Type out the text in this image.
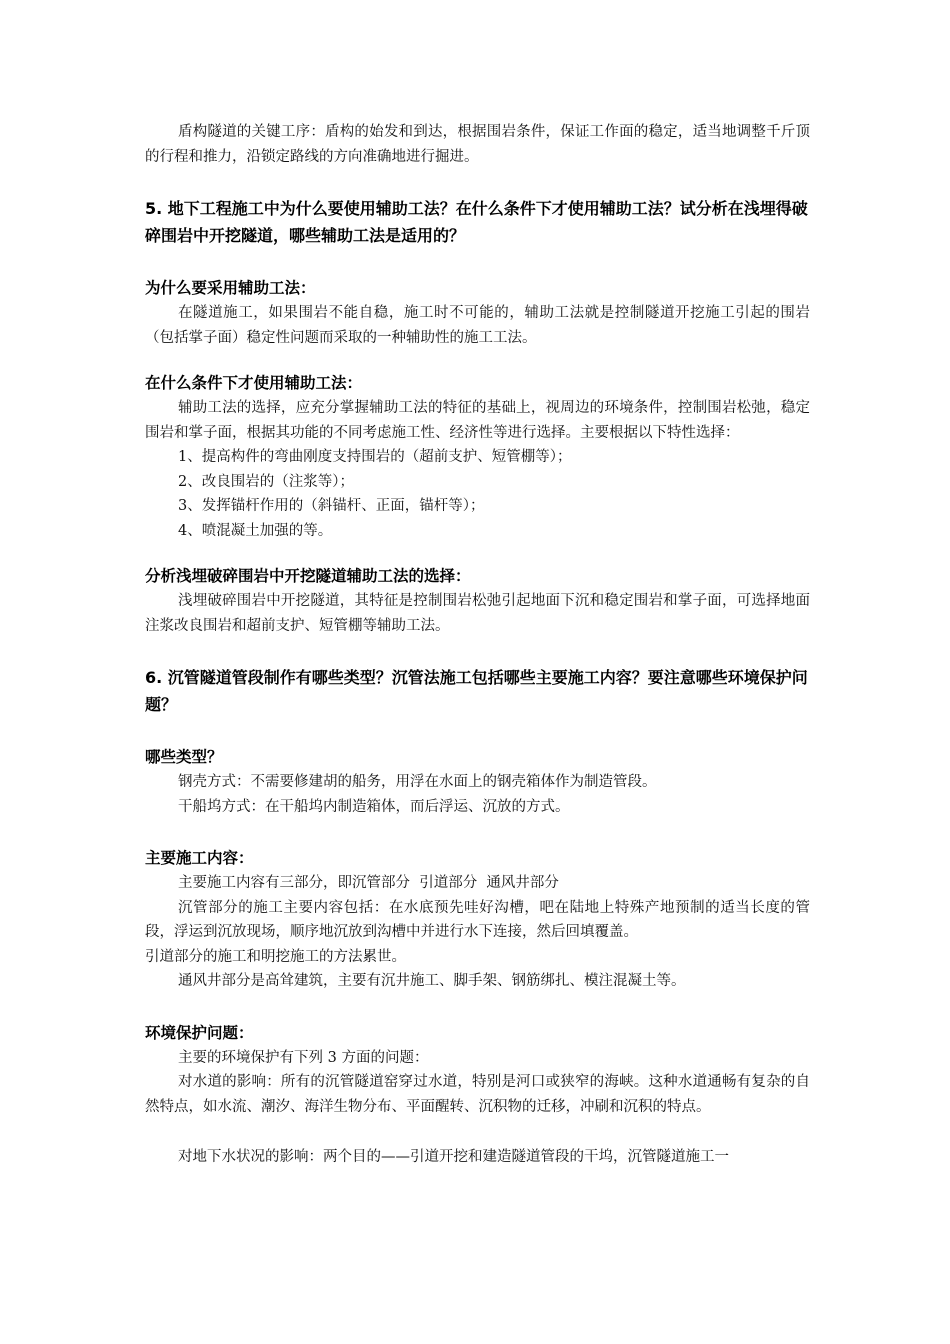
盾构隧道的关键工序：盾构的始发和到达，根据围岩条件，保证工作面的稳定，适当地调整千斤顶的行程和推力，沿锁定路线的方向准确地进行掘进。

5. 地下工程施工中为什么要使用辅助工法？在什么条件下才使用辅助工法？试分析在浅埋得破碎围岩中开挖隧道，哪些辅助工法是适用的？
为什么要采用辅助工法：

在隧道施工，如果围岩不能自稳，施工时不可能的，辅助工法就是控制隧道开挖施工引起的围岩（包括掌子面）稳定性问题而采取的一种辅助性的施工工法。

在什么条件下才使用辅助工法：

辅助工法的选择，应充分掌握辅助工法的特征的基础上，视周边的环境条件，控制围岩松弛，稳定围岩和掌子面，根据其功能的不同考虑施工性、经济性等进行选择。主要根据以下特性选择：

1、提高构件的弯曲刚度支持围岩的（超前支护、短管棚等）；

2、改良围岩的（注浆等）；

3、发挥锚杆作用的（斜锚杆、正面，锚杆等）；

4、喷混凝土加强的等。

分析浅埋破碎围岩中开挖隧道辅助工法的选择：

浅埋破碎围岩中开挖隧道，其特征是控制围岩松弛引起地面下沉和稳定围岩和掌子面，可选择地面注浆改良围岩和超前支护、短管棚等辅助工法。

6. 沉管隧道管段制作有哪些类型？沉管法施工包括哪些主要施工内容？要注意哪些环境保护问题？
哪些类型？

钢壳方式：不需要修建胡的船务，用浮在水面上的钢壳箱体作为制造管段。

干船坞方式：在干船坞内制造箱体，而后浮运、沉放的方式。

主要施工内容：

主要施工内容有三部分，即沉管部分  引道部分  通风井部分

沉管部分的施工主要内容包括：在水底预先哇好沟槽，吧在陆地上特殊产地预制的适当长度的管段，浮运到沉放现场，顺序地沉放到沟槽中并进行水下连接，然后回填覆盖。

引道部分的施工和明挖施工的方法累世。

通风井部分是高耸建筑，主要有沉井施工、脚手架、钢筋绑扎、模注混凝土等。

环境保护问题：

主要的环境保护有下列 3 方面的问题：

对水道的影响：所有的沉管隧道窑穿过水道，特别是河口或狭窄的海峡。这种水道通畅有复杂的自然特点，如水流、潮汐、海洋生物分布、平面醒转、沉积物的迁移，冲刷和沉积的特点。

对地下水状况的影响：两个目的——引道开挖和建造隧道管段的干坞，沉管隧道施工一
